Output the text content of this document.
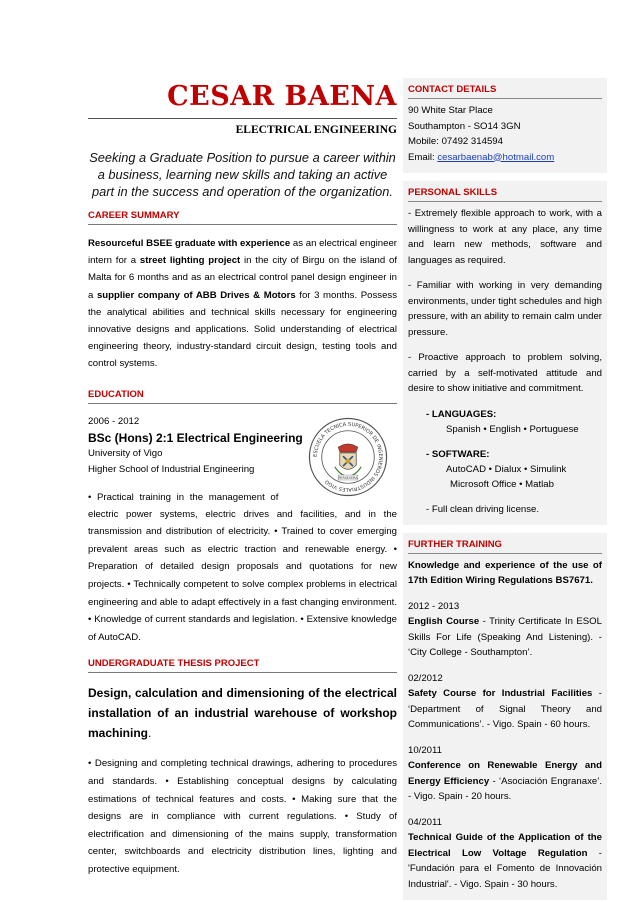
CESAR BAENA
ELECTRICAL ENGINEERING
Seeking a Graduate Position to pursue a career within a business, learning new skills and taking an active part in the success and operation of the organization.
CAREER SUMMARY
Resourceful BSEE graduate with experience as an electrical engineer intern for a street lighting project in the city of Birgu on the island of Malta for 6 months and as an electrical control panel design engineer in a supplier company of ABB Drives & Motors for 3 months. Possess the analytical abilities and technical skills necessary for engineering innovative designs and applications. Solid understanding of electrical engineering theory, industry-standard circuit design, testing tools and control systems.
EDUCATION
2006 - 2012
BSc (Hons) 2:1 Electrical Engineering
University of Vigo
Higher School of Industrial Engineering
• Practical training in the management of
ESCUELA TECNICA SUPERIOR DE INGENIEROS INDUSTRIALES VIGO
PERSEVERA
electric power systems, electric drives and facilities, and in the transmission and distribution of electricity. • Trained to cover emerging prevalent areas such as electric traction and renewable energy. • Preparation of detailed design proposals and quotations for new projects. • Technically competent to solve complex problems in electrical engineering and able to adapt effectively in a fast changing environment. • Knowledge of current standards and legislation. • Extensive knowledge of AutoCAD.
UNDERGRADUATE THESIS PROJECT
Design, calculation and dimensioning of the electrical installation of an industrial warehouse of workshop machining.
• Designing and completing technical drawings, adhering to procedures and standards. • Establishing conceptual designs by calculating estimations of technical features and costs. • Making sure that the designs are in compliance with current regulations. • Study of electrification and dimensioning of the mains supply, transformation center, switchboards and electricity distribution lines, lighting and protective equipment.
CONTACT DETAILS
90 White Star Place
Southampton - SO14 3GN
Mobile: 07492 314594
Email: cesarbaenab@hotmail.com
PERSONAL SKILLS
- Extremely flexible approach to work, with a willingness to work at any place, any time and learn new methods, software and languages as required.
- Familiar with working in very demanding environments, under tight schedules and high pressure, with an ability to remain calm under pressure.
- Proactive approach to problem solving, carried by a self-motivated attitude and desire to show initiative and commitment.
- LANGUAGES:
Spanish • English • Portuguese
- SOFTWARE:
AutoCAD • Dialux • Simulink
Microsoft Office • Matlab
- Full clean driving license.
FURTHER TRAINING
Knowledge and experience of the use of 17th Edition Wiring Regulations BS7671.
2012 - 2013
English Course - Trinity Certificate In ESOL Skills For Life (Speaking And Listening). - ‘City College - Southampton’.
02/2012
Safety Course for Industrial Facilities - ‘Department of Signal Theory and Communications’. - Vigo. Spain - 60 hours.
10/2011
Conference on Renewable Energy and Energy Efficiency - ‘Asociación Engranaxe’. - Vigo. Spain - 20 hours.
04/2011
Technical Guide of the Application of the Electrical Low Voltage Regulation - 'Fundación para el Fomento de Innovación Industrial'. - Vigo. Spain - 30 hours.
